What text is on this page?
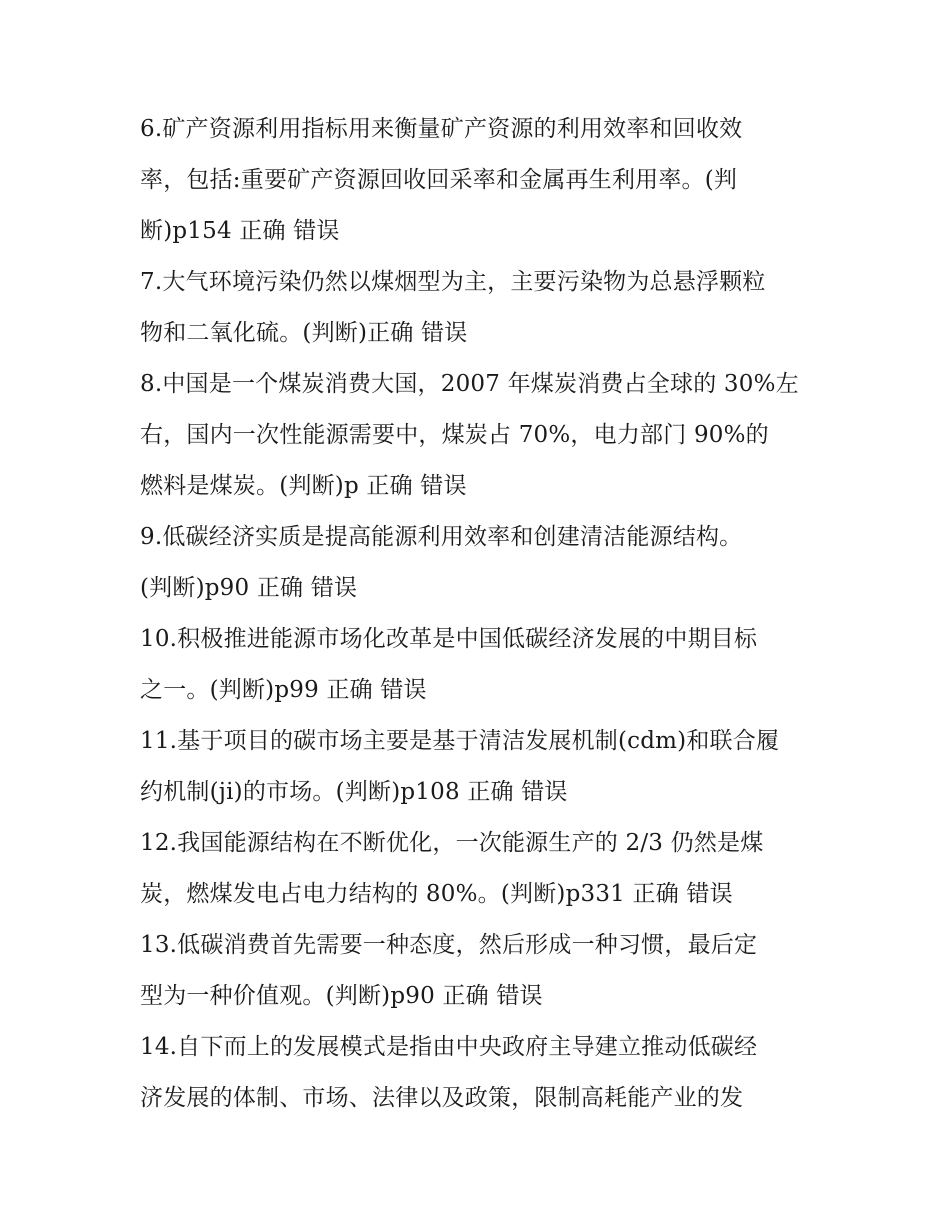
6.矿产资源利用指标用来衡量矿产资源的利用效率和回收效
率，包括:重要矿产资源回收回采率和金属再生利用率。(判
断)p154 正确 错误
7.大气环境污染仍然以煤烟型为主，主要污染物为总悬浮颗粒
物和二氧化硫。(判断)正确 错误
8.中国是一个煤炭消费大国，2007 年煤炭消费占全球的 30%左
右，国内一次性能源需要中，煤炭占 70%，电力部门 90%的
燃料是煤炭。(判断)p 正确 错误
9.低碳经济实质是提高能源利用效率和创建清洁能源结构。
(判断)p90 正确 错误
10.积极推进能源市场化改革是中国低碳经济发展的中期目标
之一。(判断)p99 正确 错误
11.基于项目的碳市场主要是基于清洁发展机制(cdm)和联合履
约机制(ji)的市场。(判断)p108 正确 错误
12.我国能源结构在不断优化，一次能源生产的 2/3 仍然是煤
炭，燃煤发电占电力结构的 80%。(判断)p331 正确 错误
13.低碳消费首先需要一种态度，然后形成一种习惯，最后定
型为一种价值观。(判断)p90 正确 错误
14.自下而上的发展模式是指由中央政府主导建立推动低碳经
济发展的体制、市场、法律以及政策，限制高耗能产业的发
